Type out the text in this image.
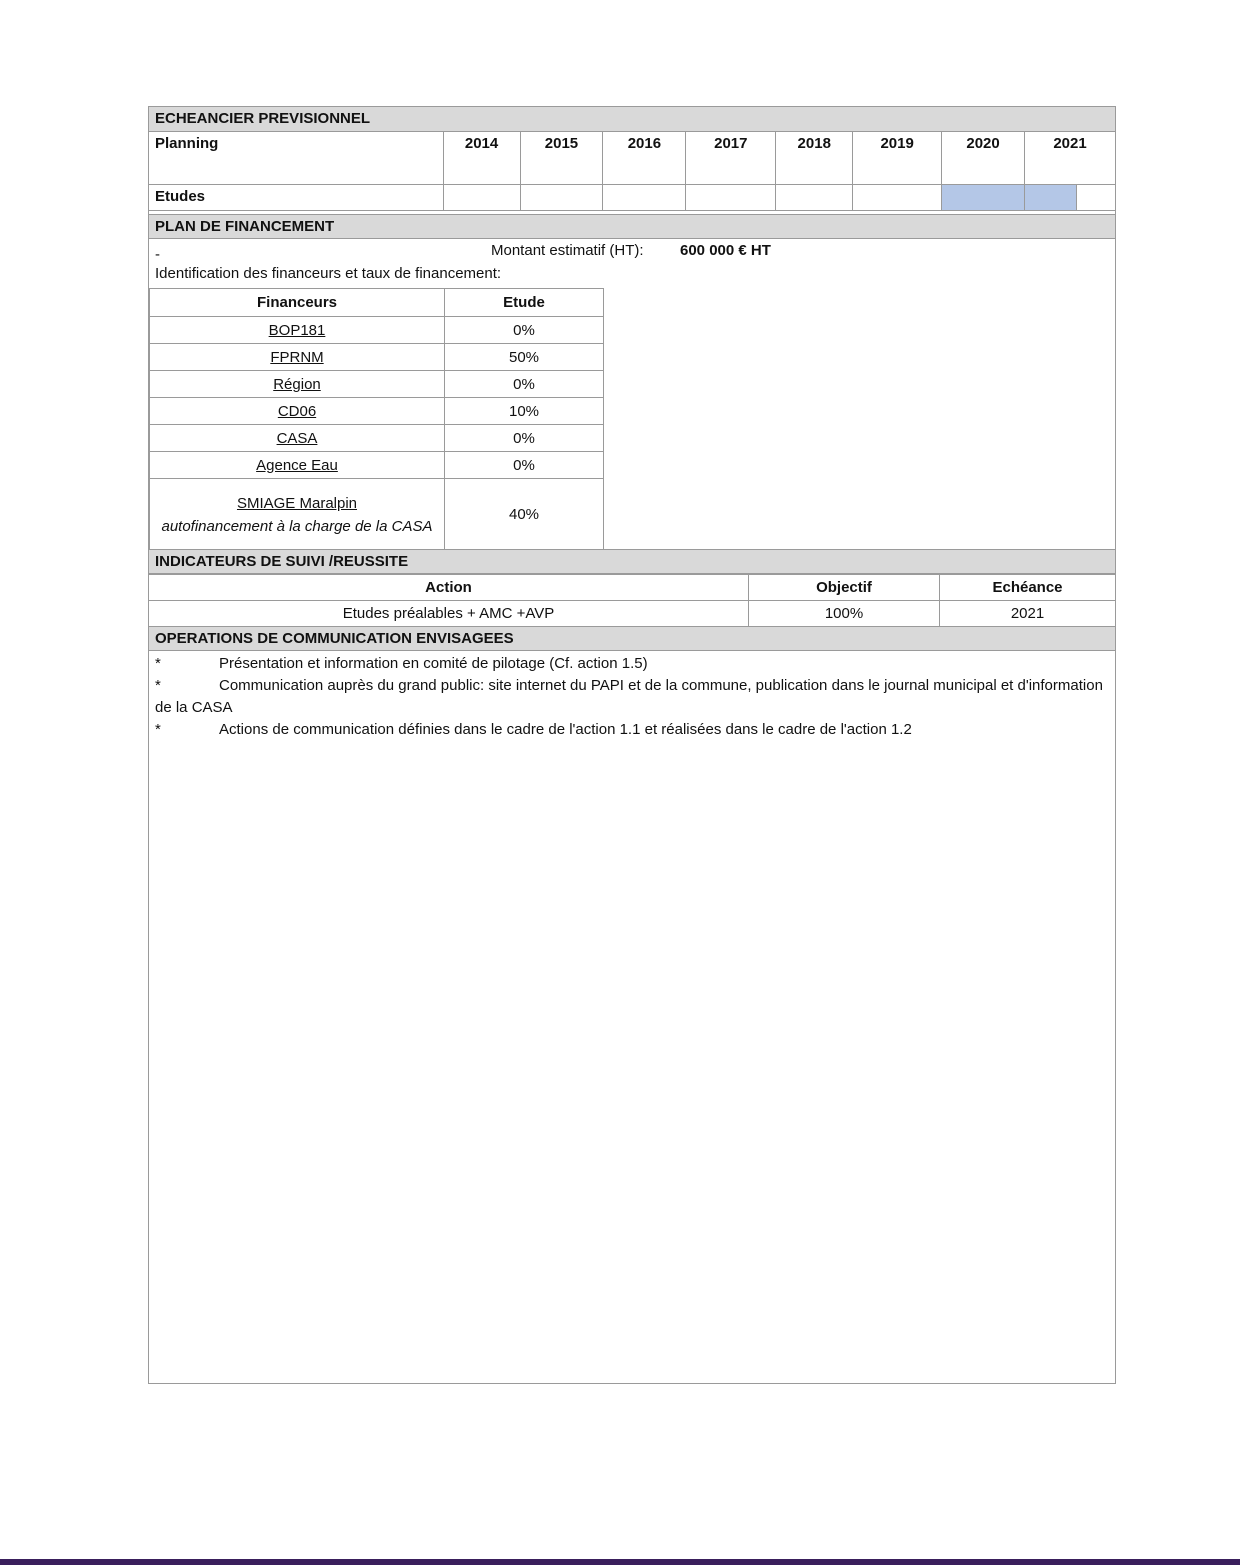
ECHEANCIER PREVISIONNEL
Planning	2014	2015	2016	2017	2018	2019	2020	2021	
Etudes									
PLAN DE FINANCEMENT
-	Montant estimatif (HT): 600 000 € HT
Identification des financeurs et taux de financement:
Financeurs	Etude
BOP181	0%
FPRNM	50%
Région	0%
CD06	10%
CASA	0%
Agence Eau	0%
SMIAGE Maralpin
autofinancement à la charge de la CASA	40%
INDICATEURS DE SUIVI /REUSSITE
Action	Objectif	Echéance
Etudes préalables + AMC +AVP	100%	2021
OPERATIONS DE COMMUNICATION ENVISAGEES
*	Présentation et information en comité de pilotage (Cf. action 1.5)
*	Communication auprès du grand public: site internet du PAPI et de la commune, publication dans le journal municipal et d'information de la CASA
*	Actions de communication définies dans le cadre de l'action 1.1 et réalisées dans le cadre de l'action 1.2
